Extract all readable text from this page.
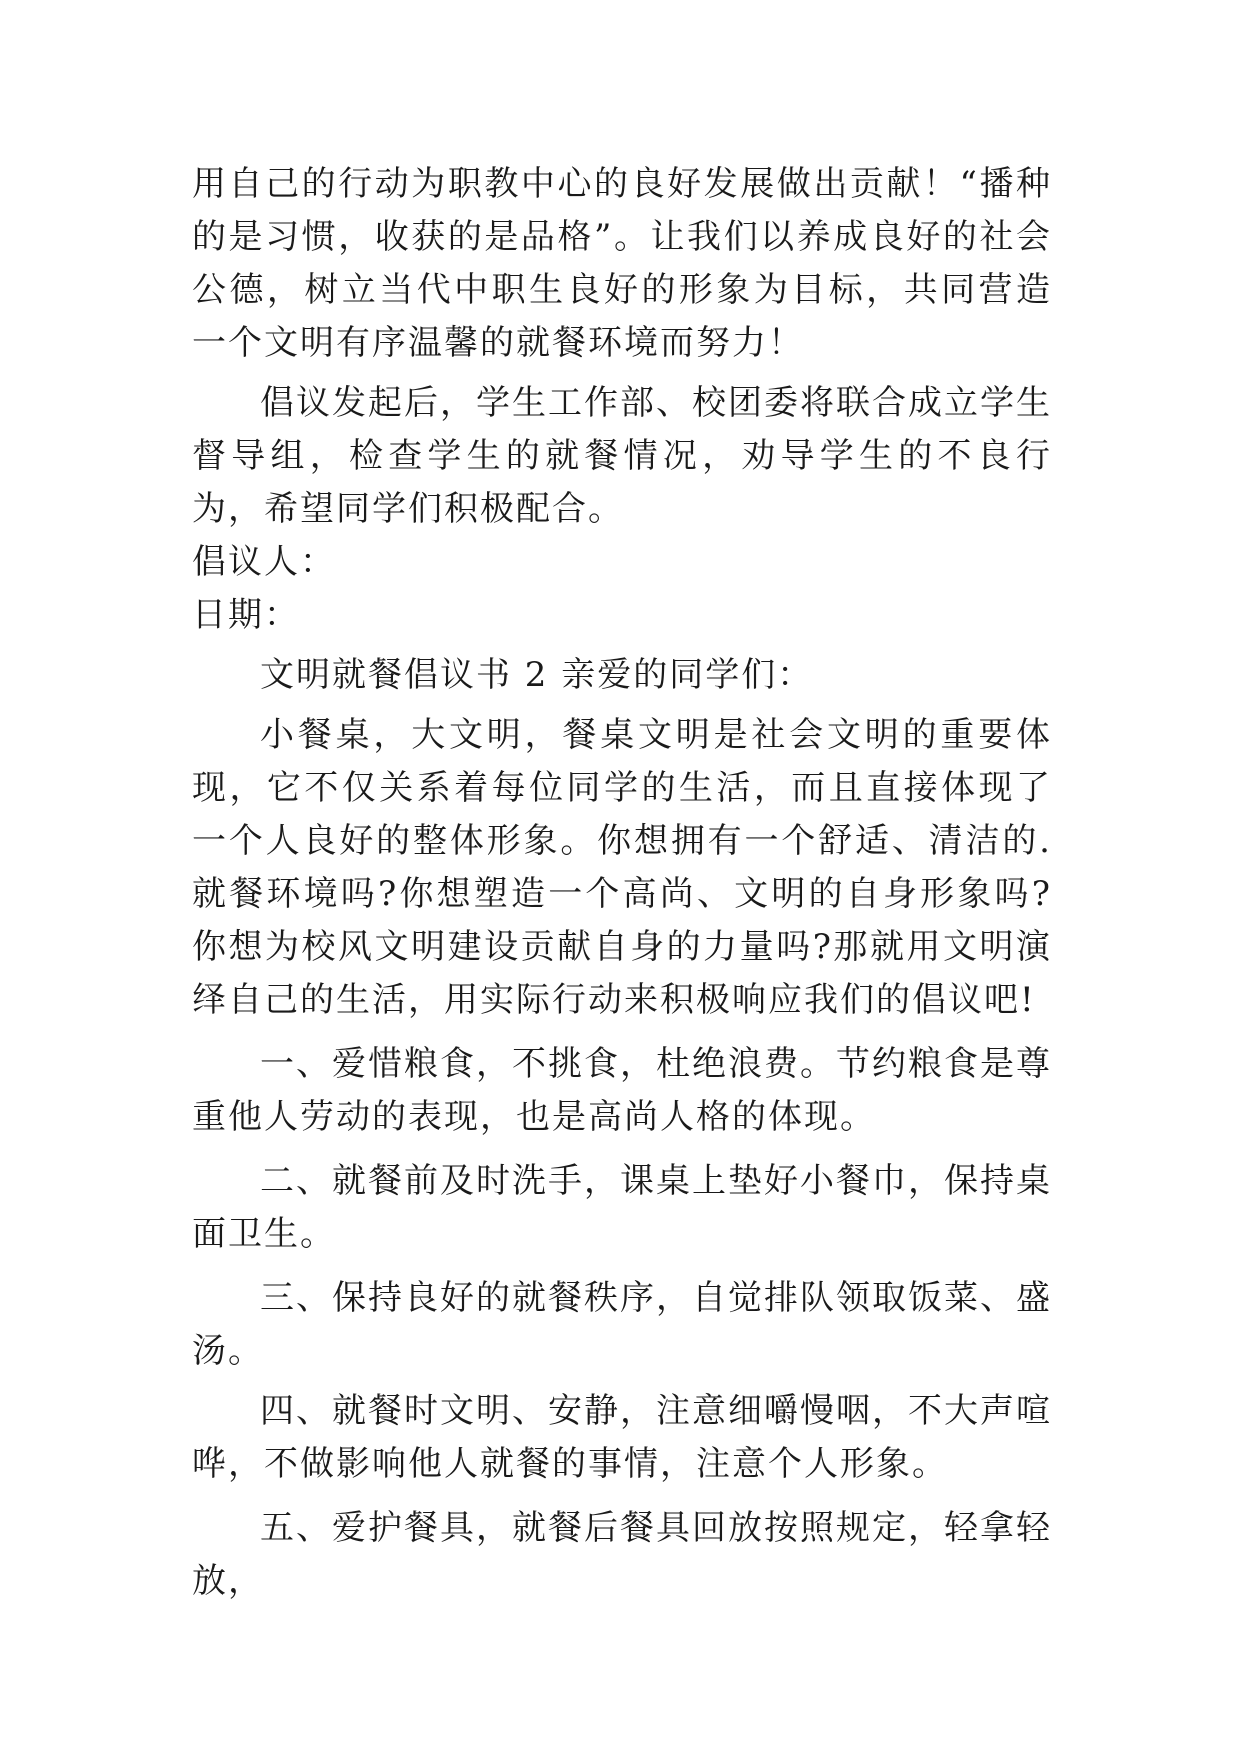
用自己的行动为职教中心的良好发展做出贡献！“播种的是习惯，收获的是品格”。让我们以养成良好的社会公德，树立当代中职生良好的形象为目标，共同营造一个文明有序温馨的就餐环境而努力！

倡议发起后，学生工作部、校团委将联合成立学生督导组，检查学生的就餐情况，劝导学生的不良行为，希望同学们积极配合。

倡议人：

日期：

文明就餐倡议书 2 亲爱的同学们：

小餐桌，大文明，餐桌文明是社会文明的重要体现，它不仅关系着每位同学的生活，而且直接体现了一个人良好的整体形象。你想拥有一个舒适、清洁的.就餐环境吗?你想塑造一个高尚、文明的自身形象吗?你想为校风文明建设贡献自身的力量吗?那就用文明演绎自己的生活，用实际行动来积极响应我们的倡议吧!

一、爱惜粮食，不挑食，杜绝浪费。节约粮食是尊重他人劳动的表现，也是高尚人格的体现。

二、就餐前及时洗手，课桌上垫好小餐巾，保持桌面卫生。

三、保持良好的就餐秩序，自觉排队领取饭菜、盛汤。

四、就餐时文明、安静，注意细嚼慢咽，不大声喧哗，不做影响他人就餐的事情，注意个人形象。

五、爱护餐具，就餐后餐具回放按照规定，轻拿轻放，
